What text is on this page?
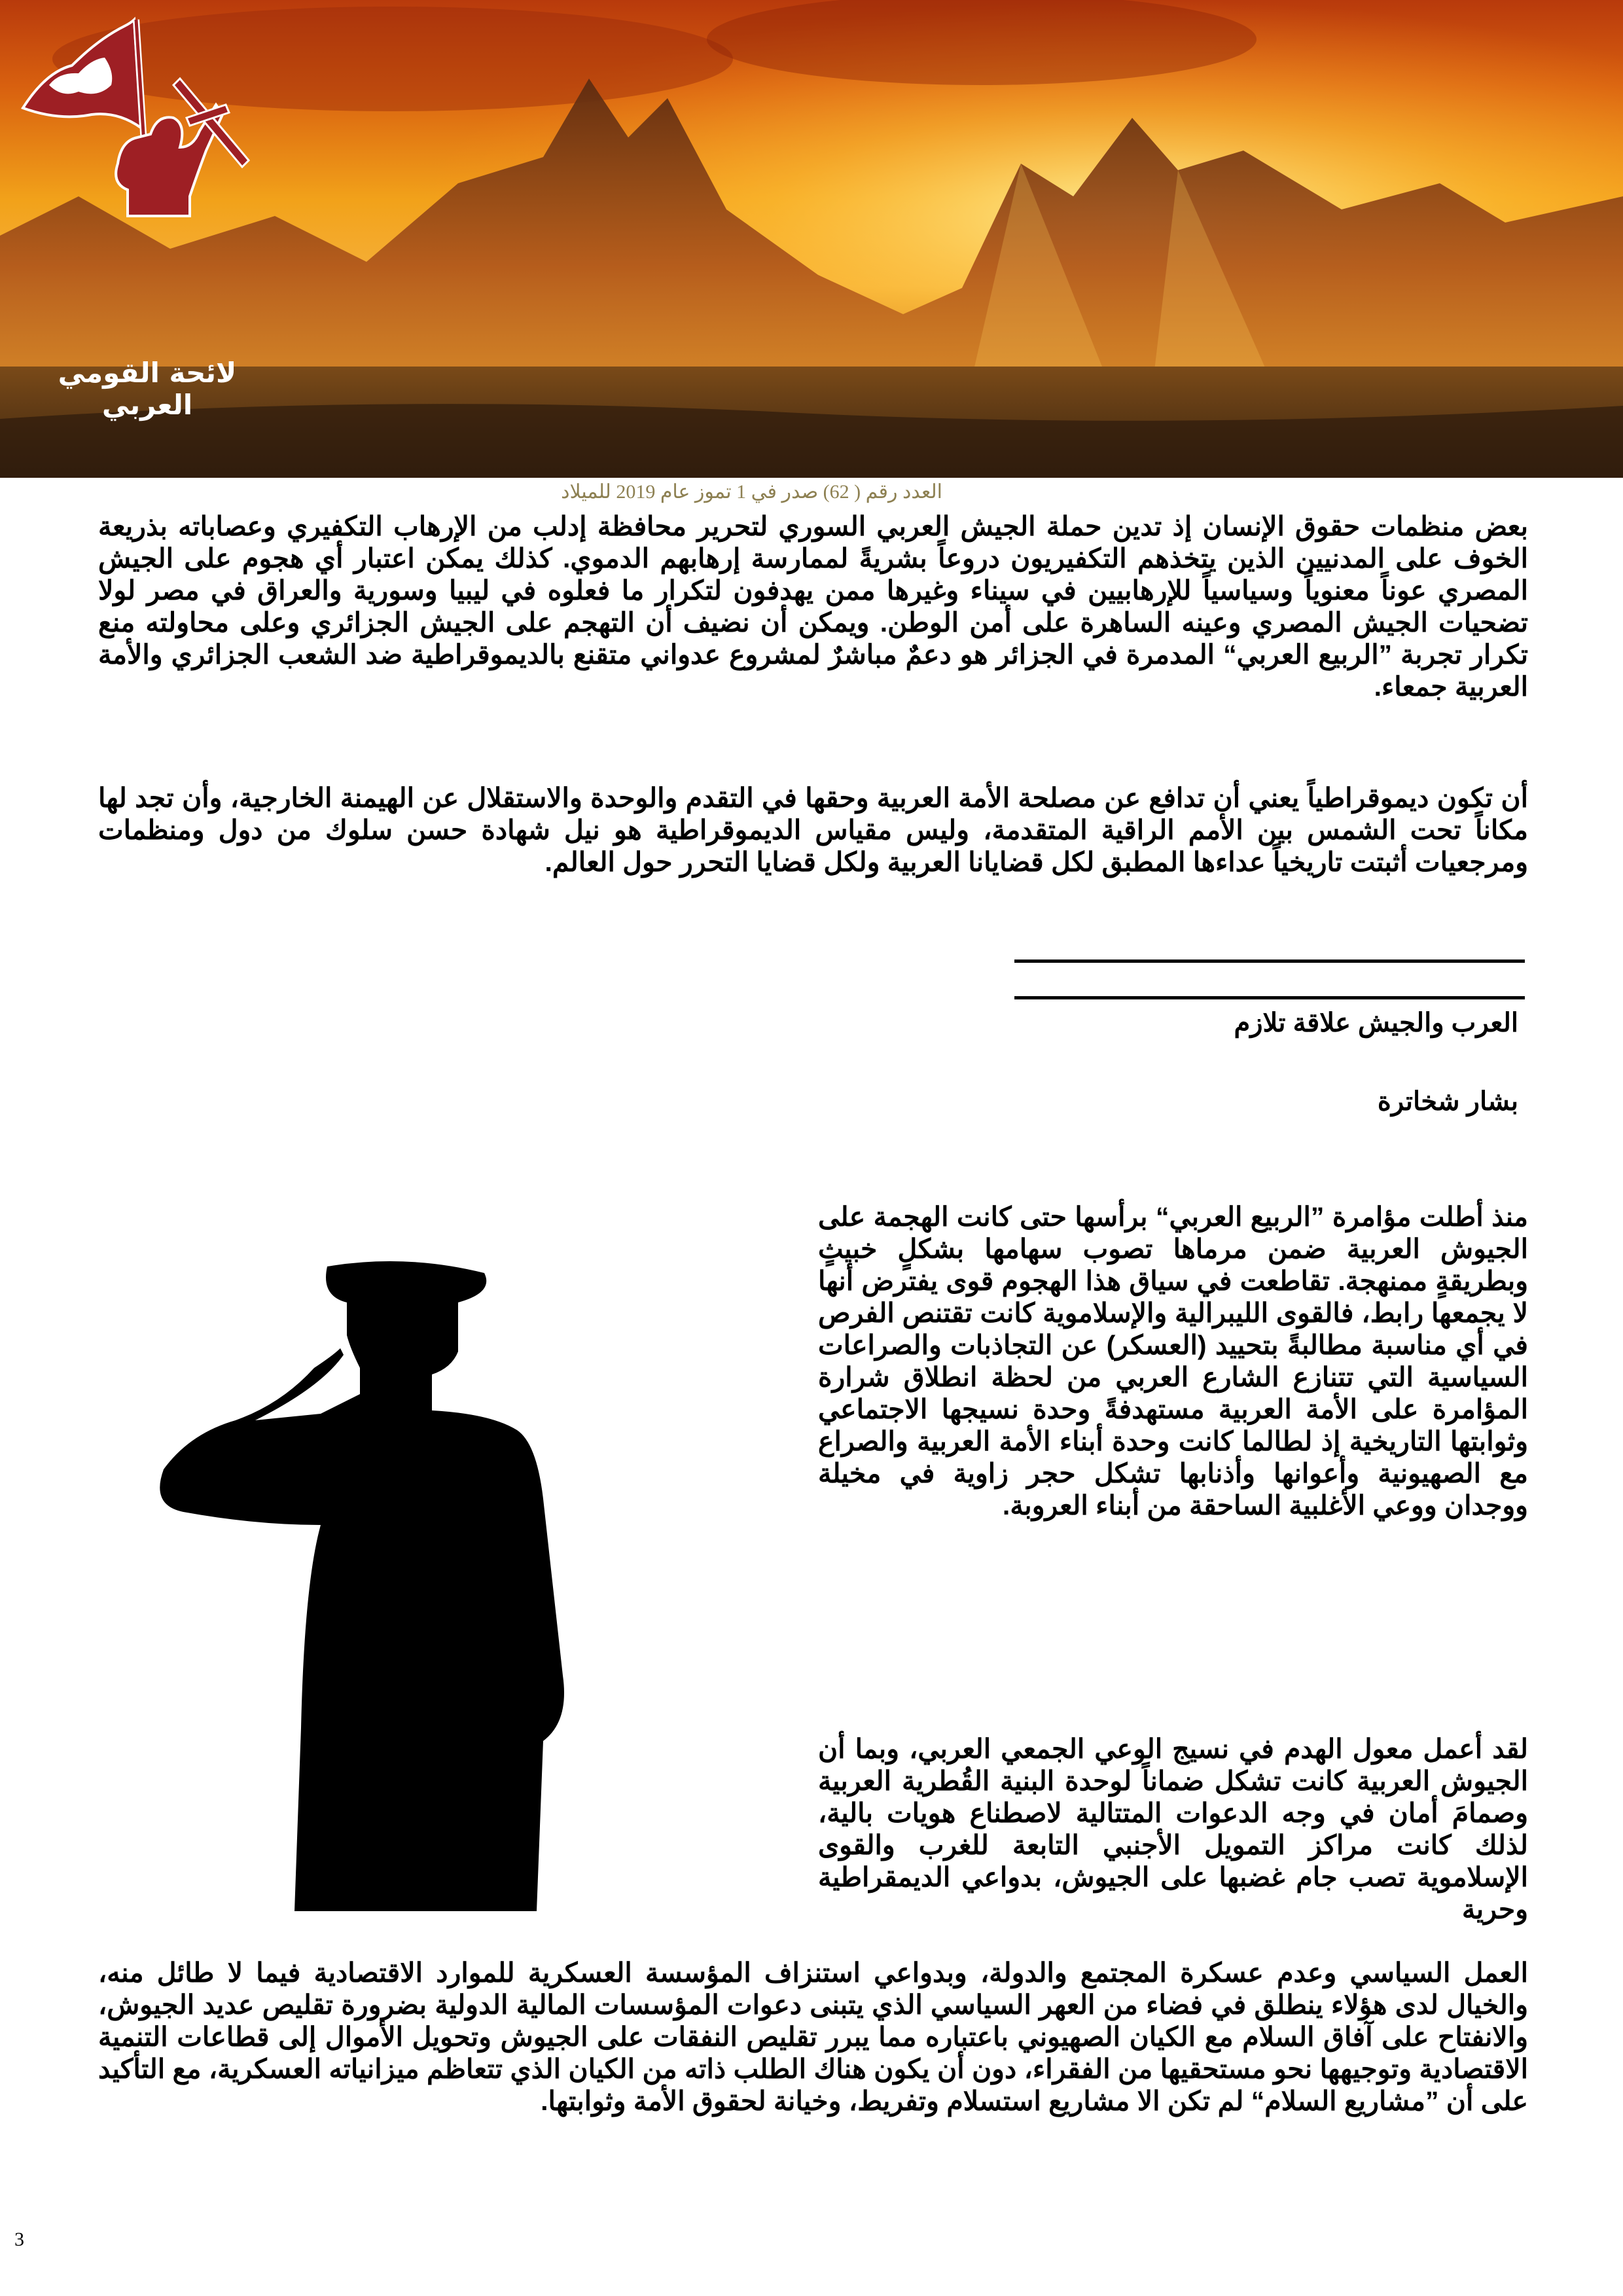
لائحة القومي العربي
العدد رقم ( 62) صدر في 1 تموز عام 2019 للميلاد
بعض منظمات حقوق الإنسان إذ تدين حملة الجيش العربي السوري لتحرير محافظة إدلب من الإرهاب التكفيري وعصاباته بذريعة الخوف على المدنيين الذين يتخذهم التكفيريون دروعاً بشريةً لممارسة إرهابهم الدموي. كذلك يمكن اعتبار أي هجوم على الجيش المصري عوناً معنوياً وسياسياً للإرهابيين في سيناء وغيرها ممن يهدفون لتكرار ما فعلوه في ليبيا وسورية والعراق في مصر لولا تضحيات الجيش المصري وعينه الساهرة على أمن الوطن. ويمكن أن نضيف أن التهجم على الجيش الجزائري وعلى محاولته منع تكرار تجربة ”الربيع العربي“ المدمرة في الجزائر هو دعمٌ مباشرٌ لمشروع عدواني متقنع بالديموقراطية ضد الشعب الجزائري والأمة العربية جمعاء.
أن تكون ديموقراطياً يعني أن تدافع عن مصلحة الأمة العربية وحقها في التقدم والوحدة والاستقلال عن الهيمنة الخارجية، وأن تجد لها مكاناً تحت الشمس بين الأمم الراقية المتقدمة، وليس مقياس الديموقراطية هو نيل شهادة حسن سلوك من دول ومنظمات ومرجعيات أثبتت تاريخياً عداءها المطبق لكل قضايانا العربية ولكل قضايا التحرر حول العالم.
العرب والجيش علاقة تلازم
بشار شخاترة
منذ أطلت مؤامرة ”الربيع العربي“ برأسها حتى كانت الهجمة على الجيوش العربية ضمن مرماها تصوب سهامها بشكلٍ خبيثٍ وبطريقةٍ ممنهجة. تقاطعت في سياق هذا الهجوم قوى يفترض أنها لا يجمعها رابط، فالقوى الليبرالية والإسلاموية كانت تقتنص الفرص في أي مناسبة مطالبةً بتحييد (العسكر) عن التجاذبات والصراعات السياسية التي تتنازع الشارع العربي من لحظة انطلاق شرارة المؤامرة على الأمة العربية مستهدفةً وحدة نسيجها الاجتماعي وثوابتها التاريخية إذ لطالما كانت وحدة أبناء الأمة العربية والصراع مع الصهيونية وأعوانها وأذنابها تشكل حجر زاوية في مخيلة ووجدان ووعي الأغلبية الساحقة من أبناء العروبة.
لقد أعمل معول الهدم في نسيج الوعي الجمعي العربي، وبما أن الجيوش العربية كانت تشكل ضماناً لوحدة البنية القُطرية العربية وصمامَ أمان في وجه الدعوات المتتالية لاصطناع هويات بالية، لذلك كانت مراكز التمويل الأجنبي التابعة للغرب والقوى الإسلاموية تصب جام غضبها على الجيوش، بدواعي الديمقراطية وحرية
العمل السياسي وعدم عسكرة المجتمع والدولة، وبدواعي استنزاف المؤسسة العسكرية للموارد الاقتصادية فيما لا طائل منه، والخيال لدى هؤلاء ينطلق في فضاء من العهر السياسي الذي يتبنى دعوات المؤسسات المالية الدولية بضرورة تقليص عديد الجيوش، والانفتاح على آفاق السلام مع الكيان الصهيوني باعتباره مما يبرر تقليص النفقات على الجيوش وتحويل الأموال إلى قطاعات التنمية الاقتصادية وتوجيهها نحو مستحقيها من الفقراء، دون أن يكون هناك الطلب ذاته من الكيان الذي تتعاظم ميزانياته العسكرية، مع التأكيد على أن ”مشاريع السلام“ لم تكن الا مشاريع استسلام وتفريط، وخيانة لحقوق الأمة وثوابتها.
3
